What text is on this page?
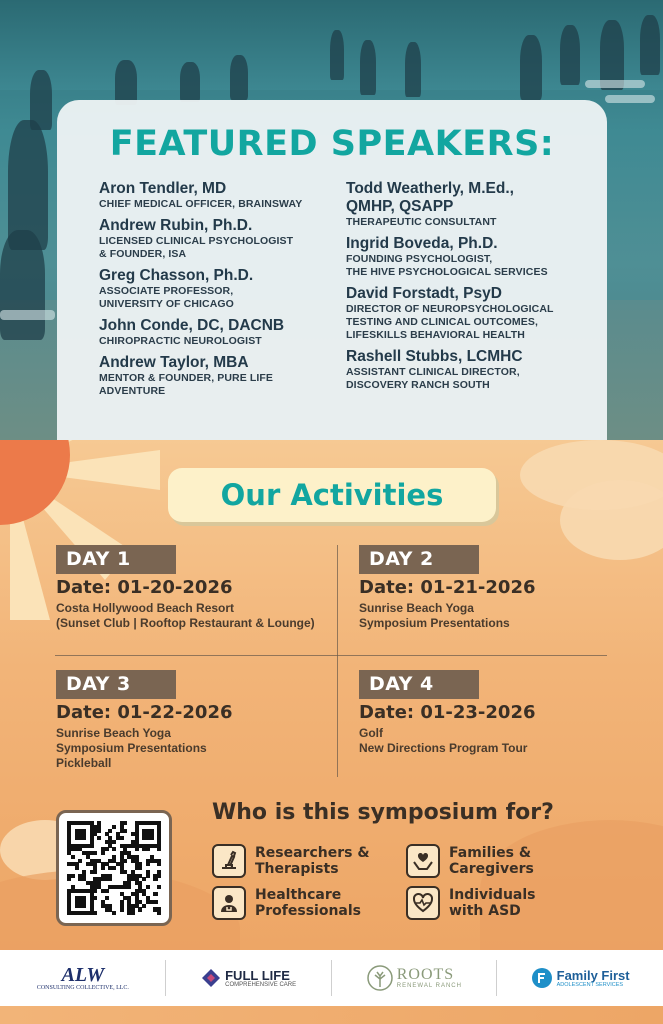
FEATURED SPEAKERS:
Aron Tendler, MD
CHIEF MEDICAL OFFICER, BRAINSWAY
Andrew Rubin, Ph.D.
LICENSED CLINICAL PSYCHOLOGIST
& FOUNDER, ISA
Greg Chasson, Ph.D.
ASSOCIATE PROFESSOR,
UNIVERSITY OF CHICAGO
John Conde, DC, DACNB
CHIROPRACTIC NEUROLOGIST
Andrew Taylor, MBA
MENTOR & FOUNDER, PURE LIFE
ADVENTURE
Todd Weatherly, M.Ed.,
QMHP, QSAPP
THERAPEUTIC CONSULTANT
Ingrid Boveda, Ph.D.
FOUNDING PSYCHOLOGIST,
THE HIVE PSYCHOLOGICAL SERVICES
David Forstadt, PsyD
DIRECTOR OF NEUROPSYCHOLOGICAL
TESTING AND CLINICAL OUTCOMES,
LIFESKILLS BEHAVIORAL HEALTH
Rashell Stubbs, LCMHC
ASSISTANT CLINICAL DIRECTOR,
DISCOVERY RANCH SOUTH
Our Activities
DAY 1
Date: 01-20-2026
Costa Hollywood Beach Resort
(Sunset Club | Rooftop Restaurant & Lounge)
DAY 2
Date: 01-21-2026
Sunrise Beach Yoga
Symposium Presentations
DAY 3
Date: 01-22-2026
Sunrise Beach Yoga
Symposium Presentations
Pickleball
DAY 4
Date: 01-23-2026
Golf
New Directions Program Tour
Who is this symposium for?
Researchers &
Therapists
Families &
Caregivers
Healthcare
Professionals
Individuals
with ASD
ALW
CONSULTING COLLECTIVE, LLC.
FULL LIFE
COMPREHENSIVE CARE
ROOTS
RENEWAL RANCH
Family First
ADOLESCENT SERVICES
